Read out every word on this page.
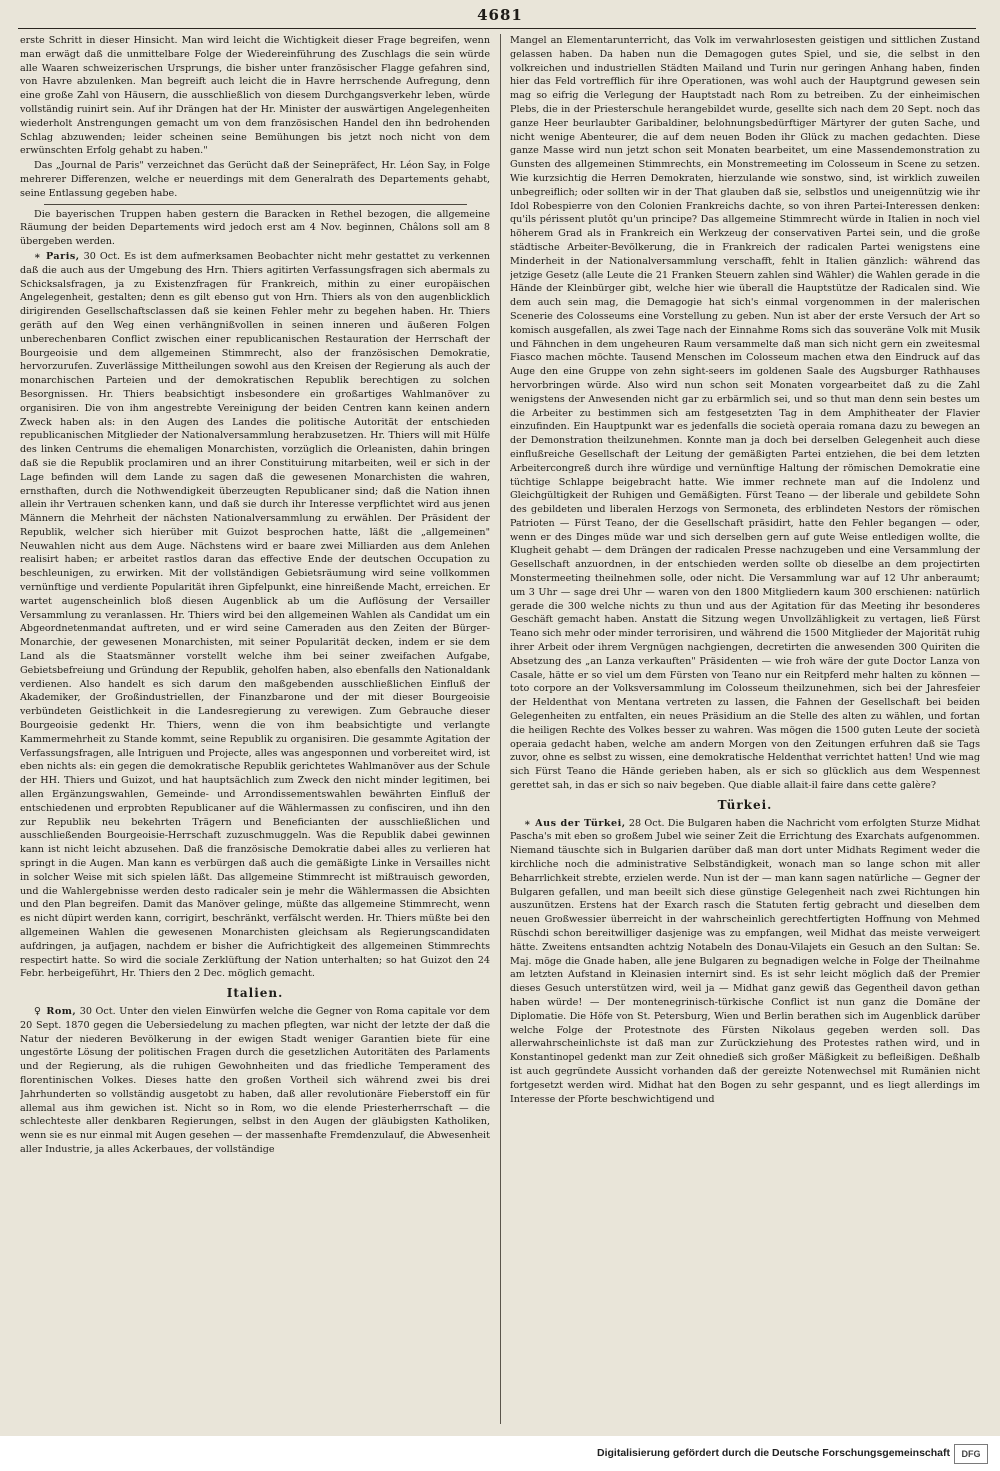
4681

erste Schritt in dieser Hinsicht. Man wird leicht die Wichtigkeit dieser Frage begreifen, wenn man erwägt daß die unmittelbare Folge der Wiedereinführung des Zuschlags die sein würde alle Waaren schweizerischen Ursprungs, die bisher unter französischer Flagge gefahren sind, von Havre abzulenken. Man begreift auch leicht die in Havre herrschende Aufregung, denn eine große Zahl von Häusern, die ausschließlich von diesem Durchgangsverkehr leben, würde vollständig ruinirt sein. Auf ihr Drängen hat der Hr. Minister der auswärtigen Angelegenheiten wiederholt Anstrengungen gemacht um von dem französischen Handel den ihn bedrohenden Schlag abzuwenden; leider scheinen seine Bemühungen bis jetzt noch nicht von dem erwünschten Erfolg gehabt zu haben."

Das „Journal de Paris" verzeichnet das Gerücht daß der Seinepräfect, Hr. Léon Say, in Folge mehrerer Differenzen, welche er neuerdings mit dem Generalrath des Departements gehabt, seine Entlassung gegeben habe.

Die bayerischen Truppen haben gestern die Baracken in Rethel bezogen, die allgemeine Räumung der beiden Departements wird jedoch erst am 4 Nov. beginnen, Châlons soll am 8 übergeben werden.

∗ Paris, 30 Oct. Es ist dem aufmerksamen Beobachter nicht mehr gestattet zu verkennen daß die auch aus der Umgebung des Hrn. Thiers agitirten Verfassungsfragen sich abermals zu Schicksalsfragen, ja zu Existenzfragen für Frankreich, mithin zu einer europäischen Angelegenheit, gestalten; denn es gilt ebenso gut von Hrn. Thiers als von den augenblicklich dirigirenden Gesellschaftsclassen daß sie keinen Fehler mehr zu begehen haben. Hr. Thiers geräth auf den Weg einen verhängnißvollen in seinen inneren und äußeren Folgen unberechenbaren Conflict zwischen einer republicanischen Restauration der Herrschaft der Bourgeoisie und dem allgemeinen Stimmrecht, also der französischen Demokratie, hervorzurufen. Zuverlässige Mittheilungen sowohl aus den Kreisen der Regierung als auch der monarchischen Parteien und der demokratischen Republik berechtigen zu solchen Besorgnissen. Hr. Thiers beabsichtigt insbesondere ein großartiges Wahlmanöver zu organisiren. Die von ihm angestrebte Vereinigung der beiden Centren kann keinen andern Zweck haben als: in den Augen des Landes die politische Autorität der entschieden republicanischen Mitglieder der Nationalversammlung herabzusetzen. Hr. Thiers will mit Hülfe des linken Centrums die ehemaligen Monarchisten, vorzüglich die Orleanisten, dahin bringen daß sie die Republik proclamiren und an ihrer Constituirung mitarbeiten, weil er sich in der Lage befinden will dem Lande zu sagen daß die gewesenen Monarchisten die wahren, ernsthaften, durch die Nothwendigkeit überzeugten Republicaner sind; daß die Nation ihnen allein ihr Vertrauen schenken kann, und daß sie durch ihr Interesse verpflichtet wird aus jenen Männern die Mehrheit der nächsten Nationalversammlung zu erwählen. Der Präsident der Republik, welcher sich hierüber mit Guizot besprochen hatte, läßt die „allgemeinen" Neuwahlen nicht aus dem Auge. Nächstens wird er baare zwei Milliarden aus dem Anlehen realisirt haben; er arbeitet rastlos daran das effective Ende der deutschen Occupation zu beschleunigen, zu erwirken. Mit der vollständigen Gebietsräumung wird seine vollkommen vernünftige und verdiente Popularität ihren Gipfelpunkt, eine hinreißende Macht, erreichen. Er wartet augenscheinlich bloß diesen Augenblick ab um die Auflösung der Versailler Versammlung zu veranlassen. Hr. Thiers wird bei den allgemeinen Wahlen als Candidat um ein Abgeordnetenmandat auftreten, und er wird seine Cameraden aus den Zeiten der Bürger-Monarchie, der gewesenen Monarchisten, mit seiner Popularität decken, indem er sie dem Land als die Staatsmänner vorstellt welche ihm bei seiner zweifachen Aufgabe, Gebietsbefreiung und Gründung der Republik, geholfen haben, also ebenfalls den Nationaldank verdienen. Also handelt es sich darum den maßgebenden ausschließlichen Einfluß der Akademiker, der Großindustriellen, der Finanzbarone und der mit dieser Bourgeoisie verbündeten Geistlichkeit in die Landesregierung zu verewigen. Zum Gebrauche dieser Bourgeoisie gedenkt Hr. Thiers, wenn die von ihm beabsichtigte und verlangte Kammermehrheit zu Stande kommt, seine Republik zu organisiren. Die gesammte Agitation der Verfassungsfragen, alle Intriguen und Projecte, alles was angesponnen und vorbereitet wird, ist eben nichts als: ein gegen die demokratische Republik gerichtetes Wahlmanöver aus der Schule der HH. Thiers und Guizot, und hat hauptsächlich zum Zweck den nicht minder legitimen, bei allen Ergänzungswahlen, Gemeinde- und Arrondissementswahlen bewährten Einfluß der entschiedenen und erprobten Republicaner auf die Wählermassen zu confisciren, und ihn den zur Republik neu bekehrten Trägern und Beneficianten der ausschließlichen und ausschließenden Bourgeoisie-Herrschaft zuzuschmuggeln. Was die Republik dabei gewinnen kann ist nicht leicht abzusehen. Daß die französische Demokratie dabei alles zu verlieren hat springt in die Augen. Man kann es verbürgen daß auch die gemäßigte Linke in Versailles nicht in solcher Weise mit sich spielen läßt. Das allgemeine Stimmrecht ist mißtrauisch geworden, und die Wahlergebnisse werden desto radicaler sein je mehr die Wählermassen die Absichten und den Plan begreifen. Damit das Manöver gelinge, müßte das allgemeine Stimmrecht, wenn es nicht düpirt werden kann, corrigirt, beschränkt, verfälscht werden. Hr. Thiers müßte bei den allgemeinen Wahlen die gewesenen Monarchisten gleichsam als Regierungscandidaten aufdringen, ja aufjagen, nachdem er bisher die Aufrichtigkeit des allgemeinen Stimmrechts respectirt hatte. So wird die sociale Zerklüftung der Nation unterhalten; so hat Guizot den 24 Febr. herbeigeführt, Hr. Thiers den 2 Dec. möglich gemacht.

Italien.

♀ Rom, 30 Oct. Unter den vielen Einwürfen welche die Gegner von Roma capitale vor dem 20 Sept. 1870 gegen die Uebersiedelung zu machen pflegten, war nicht der letzte der daß die Natur der niederen Bevölkerung in der ewigen Stadt weniger Garantien biete für eine ungestörte Lösung der politischen Fragen durch die gesetzlichen Autoritäten des Parlaments und der Regierung, als die ruhigen Gewohnheiten und das friedliche Temperament des florentinischen Volkes. Dieses hatte den großen Vortheil sich während zwei bis drei Jahrhunderten so vollständig ausgetobt zu haben, daß aller revolutionäre Fieberstoff ein für allemal aus ihm gewichen ist. Nicht so in Rom, wo die elende Priesterherrschaft — die schlechteste aller denkbaren Regierungen, selbst in den Augen der gläubigsten Katholiken, wenn sie es nur einmal mit Augen gesehen — der massenhafte Fremdenzulauf, die Abwesenheit aller Industrie, ja alles Ackerbaues, der vollständige

Mangel an Elementarunterricht, das Volk im verwahrlosesten geistigen und sittlichen Zustand gelassen haben. Da haben nun die Demagogen gutes Spiel, und sie, die selbst in den volkreichen und industriellen Städten Mailand und Turin nur geringen Anhang haben, finden hier das Feld vortrefflich für ihre Operationen, was wohl auch der Hauptgrund gewesen sein mag so eifrig die Verlegung der Hauptstadt nach Rom zu betreiben. Zu der einheimischen Plebs, die in der Priesterschule herangebildet wurde, gesellte sich nach dem 20 Sept. noch das ganze Heer beurlaubter Garibaldiner, belohnungsbedürftiger Märtyrer der guten Sache, und nicht wenige Abenteurer, die auf dem neuen Boden ihr Glück zu machen gedachten. Diese ganze Masse wird nun jetzt schon seit Monaten bearbeitet, um eine Massendemonstration zu Gunsten des allgemeinen Stimmrechts, ein Monstremeeting im Colosseum in Scene zu setzen. Wie kurzsichtig die Herren Demokraten, hierzulande wie sonstwo, sind, ist wirklich zuweilen unbegreiflich; oder sollten wir in der That glauben daß sie, selbstlos und uneigennützig wie ihr Idol Robespierre von den Colonien Frankreichs dachte, so von ihren Partei-Interessen denken: qu'ils périssent plutôt qu'un principe? Das allgemeine Stimmrecht würde in Italien in noch viel höherem Grad als in Frankreich ein Werkzeug der conservativen Partei sein, und die große städtische Arbeiter-Bevölkerung, die in Frankreich der radicalen Partei wenigstens eine Minderheit in der Nationalversammlung verschafft, fehlt in Italien gänzlich: während das jetzige Gesetz (alle Leute die 21 Franken Steuern zahlen sind Wähler) die Wahlen gerade in die Hände der Kleinbürger gibt, welche hier wie überall die Hauptstütze der Radicalen sind. Wie dem auch sein mag, die Demagogie hat sich's einmal vorgenommen in der malerischen Scenerie des Colosseums eine Vorstellung zu geben. Nun ist aber der erste Versuch der Art so komisch ausgefallen, als zwei Tage nach der Einnahme Roms sich das souveräne Volk mit Musik und Fähnchen in dem ungeheuren Raum versammelte daß man sich nicht gern ein zweitesmal Fiasco machen möchte. Tausend Menschen im Colosseum machen etwa den Eindruck auf das Auge den eine Gruppe von zehn sight-seers im goldenen Saale des Augsburger Rathhauses hervorbringen würde. Also wird nun schon seit Monaten vorgearbeitet daß zu die Zahl wenigstens der Anwesenden nicht gar zu erbärmlich sei, und so thut man denn sein bestes um die Arbeiter zu bestimmen sich am festgesetzten Tag in dem Amphitheater der Flavier einzufinden. Ein Hauptpunkt war es jedenfalls die società operaia romana dazu zu bewegen an der Demonstration theilzunehmen. Konnte man ja doch bei derselben Gelegenheit auch diese einflußreiche Gesellschaft der Leitung der gemäßigten Partei entziehen, die bei dem letzten Arbeitercongreß durch ihre würdige und vernünftige Haltung der römischen Demokratie eine tüchtige Schlappe beigebracht hatte. Wie immer rechnete man auf die Indolenz und Gleichgültigkeit der Ruhigen und Gemäßigten. Fürst Teano — der liberale und gebildete Sohn des gebildeten und liberalen Herzogs von Sermoneta, des erblindeten Nestors der römischen Patrioten — Fürst Teano, der die Gesellschaft präsidirt, hatte den Fehler begangen — oder, wenn er des Dinges müde war und sich derselben gern auf gute Weise entledigen wollte, die Klugheit gehabt — dem Drängen der radicalen Presse nachzugeben und eine Versammlung der Gesellschaft anzuordnen, in der entschieden werden sollte ob dieselbe an dem projectirten Monstermeeting theilnehmen solle, oder nicht. Die Versammlung war auf 12 Uhr anberaumt; um 3 Uhr — sage drei Uhr — waren von den 1800 Mitgliedern kaum 300 erschienen: natürlich gerade die 300 welche nichts zu thun und aus der Agitation für das Meeting ihr besonderes Geschäft gemacht haben. Anstatt die Sitzung wegen Unvollzähligkeit zu vertagen, ließ Fürst Teano sich mehr oder minder terrorisiren, und während die 1500 Mitglieder der Majorität ruhig ihrer Arbeit oder ihrem Vergnügen nachgiengen, decretirten die anwesenden 300 Quiriten die Absetzung des „an Lanza verkauften" Präsidenten — wie froh wäre der gute Doctor Lanza von Casale, hätte er so viel um dem Fürsten von Teano nur ein Reitpferd mehr halten zu können — toto corpore an der Volksversammlung im Colosseum theilzunehmen, sich bei der Jahresfeier der Heldenthat von Mentana vertreten zu lassen, die Fahnen der Gesellschaft bei beiden Gelegenheiten zu entfalten, ein neues Präsidium an die Stelle des alten zu wählen, und fortan die heiligen Rechte des Volkes besser zu wahren. Was mögen die 1500 guten Leute der società operaia gedacht haben, welche am andern Morgen von den Zeitungen erfuhren daß sie Tags zuvor, ohne es selbst zu wissen, eine demokratische Heldenthat verrichtet hatten! Und wie mag sich Fürst Teano die Hände gerieben haben, als er sich so glücklich aus dem Wespennest gerettet sah, in das er sich so naiv begeben. Que diable allait-il faire dans cette galère?

Türkei.

∗ Aus der Türkei, 28 Oct. Die Bulgaren haben die Nachricht vom erfolgten Sturze Midhat Pascha's mit eben so großem Jubel wie seiner Zeit die Errichtung des Exarchats aufgenommen. Niemand täuschte sich in Bulgarien darüber daß man dort unter Midhats Regiment weder die kirchliche noch die administrative Selbständigkeit, wonach man so lange schon mit aller Beharrlichkeit strebte, erzielen werde. Nun ist der — man kann sagen natürliche — Gegner der Bulgaren gefallen, und man beeilt sich diese günstige Gelegenheit nach zwei Richtungen hin auszunützen. Erstens hat der Exarch rasch die Statuten fertig gebracht und dieselben dem neuen Großwessier überreicht in der wahrscheinlich gerechtfertigten Hoffnung von Mehmed Rüschdi schon bereitwilliger dasjenige was zu empfangen, weil Midhat das meiste verweigert hätte. Zweitens entsandten achtzig Notabeln des Donau-Vilajets ein Gesuch an den Sultan: Se. Maj. möge die Gnade haben, alle jene Bulgaren zu begnadigen welche in Folge der Theilnahme am letzten Aufstand in Kleinasien internirt sind. Es ist sehr leicht möglich daß der Premier dieses Gesuch unterstützen wird, weil ja — Midhat ganz gewiß das Gegentheil davon gethan haben würde! — Der montenegrinisch-türkische Conflict ist nun ganz die Domäne der Diplomatie. Die Höfe von St. Petersburg, Wien und Berlin berathen sich im Augenblick darüber welche Folge der Protestnote des Fürsten Nikolaus gegeben werden soll. Das allerwahrscheinlichste ist daß man zur Zurückziehung des Protestes rathen wird, und in Konstantinopel gedenkt man zur Zeit ohnedieß sich großer Mäßigkeit zu befleißigen. Deßhalb ist auch gegründete Aussicht vorhanden daß der gereizte Notenwechsel mit Rumänien nicht fortgesetzt werden wird. Midhat hat den Bogen zu sehr gespannt, und es liegt allerdings im Interesse der Pforte beschwichtigend und

Digitalisierung gefördert durch die Deutsche Forschungsgemeinschaft	DFG
